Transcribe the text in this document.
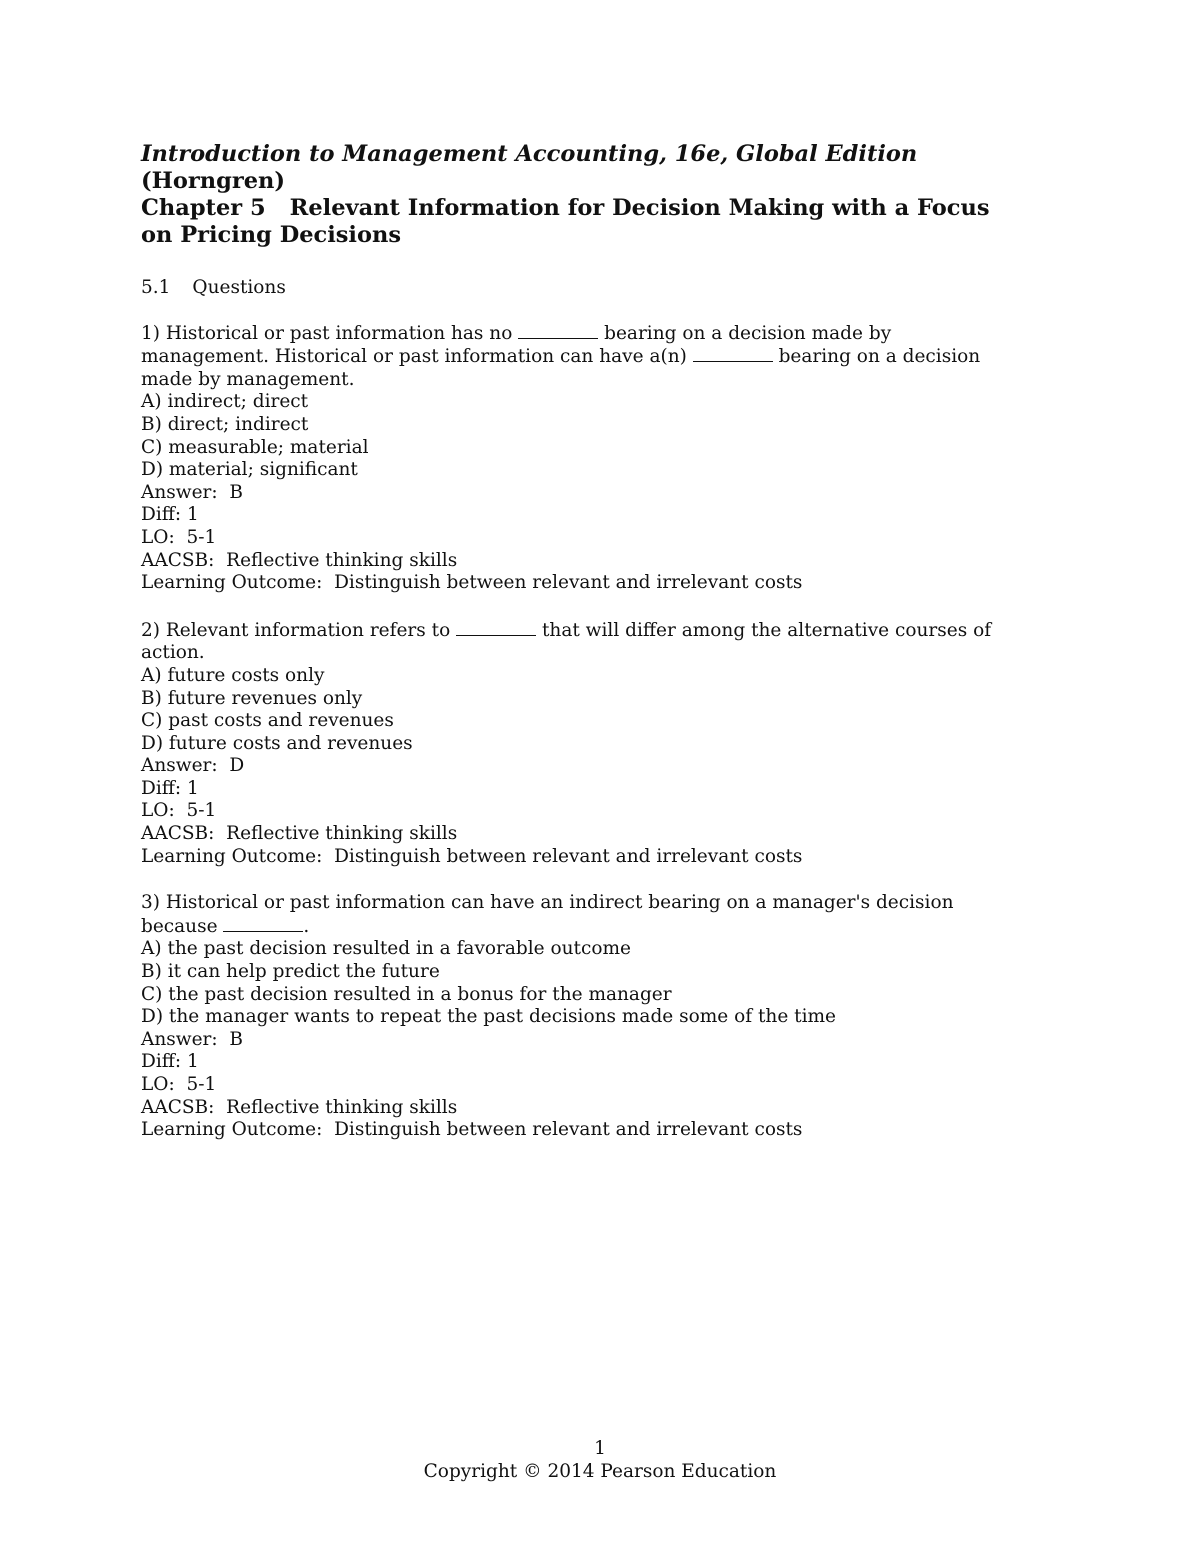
Introduction to Management Accounting, 16e, Global Edition
(Horngren)
Chapter 5 Relevant Information for Decision Making with a Focus
on Pricing Decisions
5.1 Questions
1) Historical or past information has no	bearing on a decision made by
management. Historical or past information can have a(n)	bearing on a decision
made by management.
A) indirect; direct
B) direct; indirect
C) measurable; material
D) material; significant
Answer:  B
Diff: 1
LO:  5-1
AACSB:  Reflective thinking skills
Learning Outcome:  Distinguish between relevant and irrelevant costs
2) Relevant information refers to	that will differ among the alternative courses of
action.
A) future costs only
B) future revenues only
C) past costs and revenues
D) future costs and revenues
Answer:  D
Diff: 1
LO:  5-1
AACSB:  Reflective thinking skills
Learning Outcome:  Distinguish between relevant and irrelevant costs
3) Historical or past information can have an indirect bearing on a manager's decision
because	.
A) the past decision resulted in a favorable outcome
B) it can help predict the future
C) the past decision resulted in a bonus for the manager
D) the manager wants to repeat the past decisions made some of the time
Answer:  B
Diff: 1
LO:  5-1
AACSB:  Reflective thinking skills
Learning Outcome:  Distinguish between relevant and irrelevant costs
1
Copyright © 2014 Pearson Education
